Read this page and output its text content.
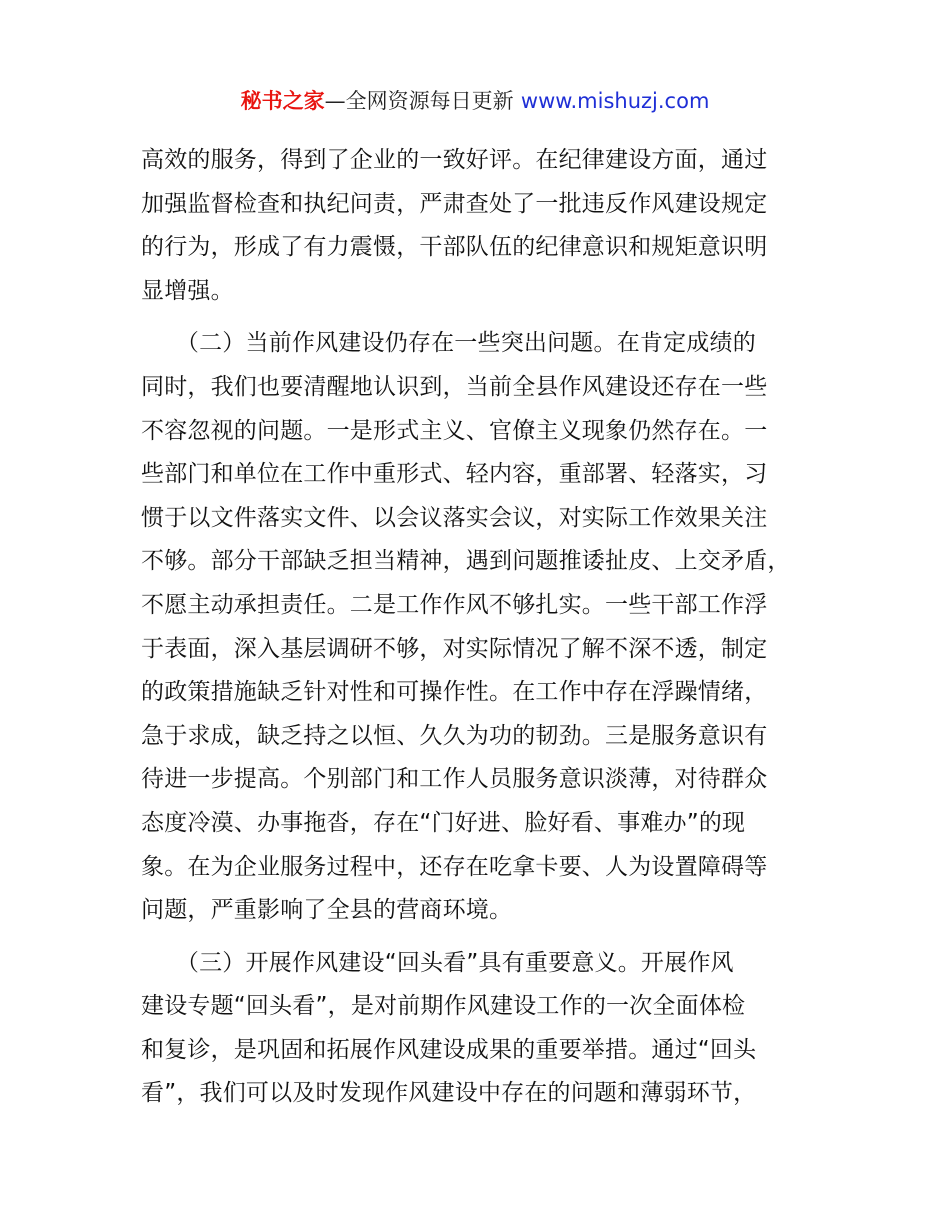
秘书之家—全网资源每日更新 www.mishuzj.com
高效的服务，得到了企业的一致好评。在纪律建设方面，通过
加强监督检查和执纪问责，严肃查处了一批违反作风建设规定
的行为，形成了有力震慑，干部队伍的纪律意识和规矩意识明
显增强。
　　（二）当前作风建设仍存在一些突出问题。在肯定成绩的
同时，我们也要清醒地认识到，当前全县作风建设还存在一些
不容忽视的问题。一是形式主义、官僚主义现象仍然存在。一
些部门和单位在工作中重形式、轻内容，重部署、轻落实，习
惯于以文件落实文件、以会议落实会议，对实际工作效果关注
不够。部分干部缺乏担当精神，遇到问题推诿扯皮、上交矛盾，
不愿主动承担责任。二是工作作风不够扎实。一些干部工作浮
于表面，深入基层调研不够，对实际情况了解不深不透，制定
的政策措施缺乏针对性和可操作性。在工作中存在浮躁情绪，
急于求成，缺乏持之以恒、久久为功的韧劲。三是服务意识有
待进一步提高。个别部门和工作人员服务意识淡薄，对待群众
态度冷漠、办事拖沓，存在“门好进、脸好看、事难办”的现
象。在为企业服务过程中，还存在吃拿卡要、人为设置障碍等
问题，严重影响了全县的营商环境。
　　（三）开展作风建设“回头看”具有重要意义。开展作风
建设专题“回头看”，是对前期作风建设工作的一次全面体检
和复诊，是巩固和拓展作风建设成果的重要举措。通过“回头
看”，我们可以及时发现作风建设中存在的问题和薄弱环节，
